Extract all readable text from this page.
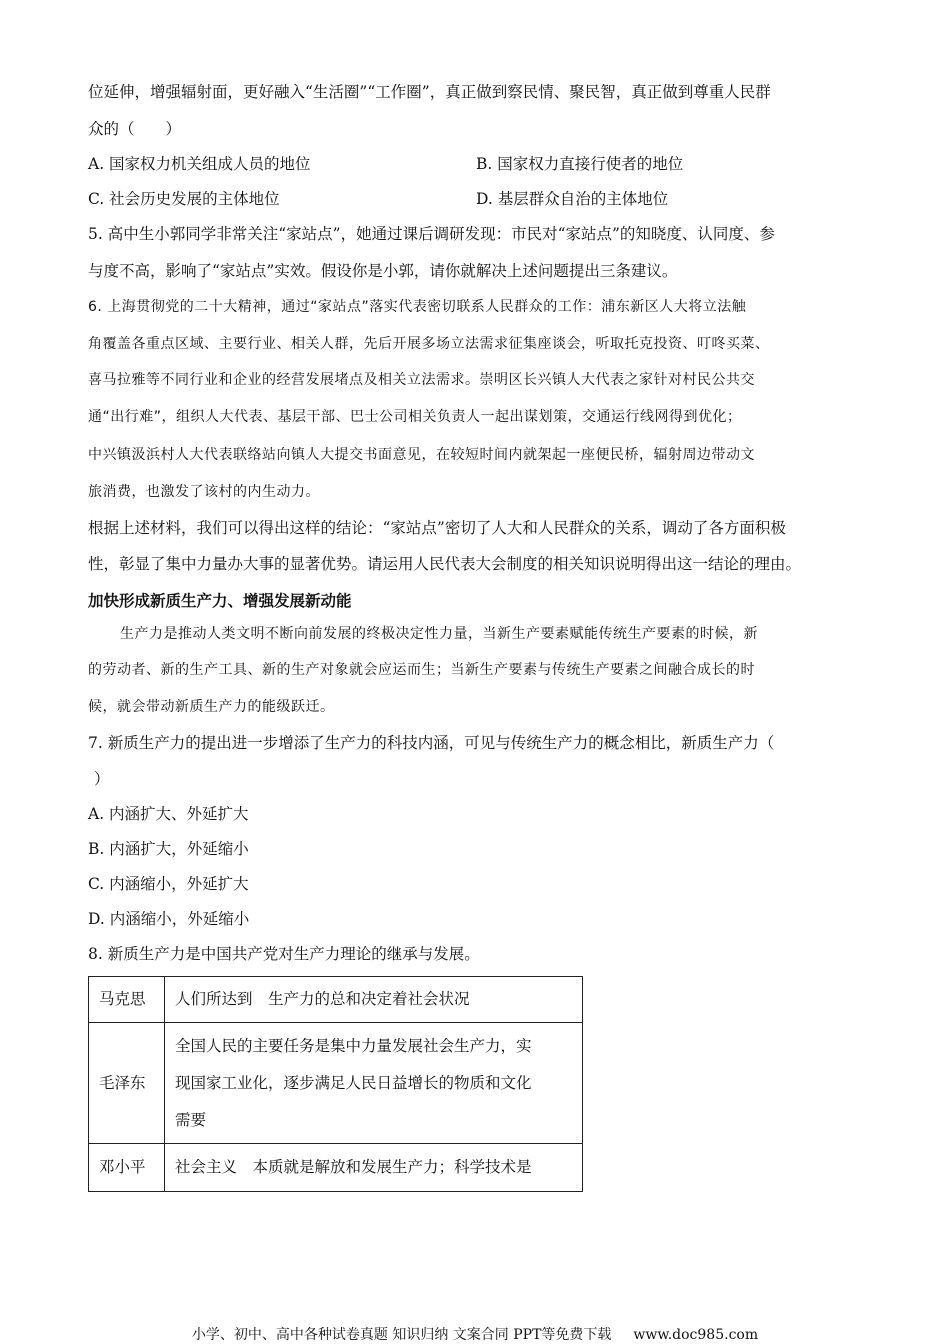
位延伸，增强辐射面，更好融入“生活圈”“工作圈”，真正做到察民情、聚民智，真正做到尊重人民群
众的（　　）
A. 国家权力机关组成人员的地位	B. 国家权力直接行使者的地位
C. 社会历史发展的主体地位	D. 基层群众自治的主体地位
5. 高中生小郭同学非常关注“家站点”，她通过课后调研发现：市民对“家站点”的知晓度、认同度、参
与度不高，影响了“家站点”实效。假设你是小郭，请你就解决上述问题提出三条建议。
6. 上海贯彻党的二十大精神，通过“家站点”落实代表密切联系人民群众的工作：浦东新区人大将立法触
角覆盖各重点区域、主要行业、相关人群，先后开展多场立法需求征集座谈会，听取托克投资、叮咚买菜、
喜马拉雅等不同行业和企业的经营发展堵点及相关立法需求。崇明区长兴镇人大代表之家针对村民公共交
通“出行难”，组织人大代表、基层干部、巴士公司相关负责人一起出谋划策，交通运行线网得到优化；
中兴镇汲浜村人大代表联络站向镇人大提交书面意见，在较短时间内就架起一座便民桥，辐射周边带动文
旅消费，也激发了该村的内生动力。
根据上述材料，我们可以得出这样的结论：“家站点”密切了人大和人民群众的关系，调动了各方面积极
性，彰显了集中力量办大事的显著优势。请运用人民代表大会制度的相关知识说明得出这一结论的理由。
加快形成新质生产力、增强发展新动能
生产力是推动人类文明不断向前发展的终极决定性力量，当新生产要素赋能传统生产要素的时候，新
的劳动者、新的生产工具、新的生产对象就会应运而生；当新生产要素与传统生产要素之间融合成长的时
候，就会带动新质生产力的能级跃迁。
7. 新质生产力的提出进一步增添了生产力的科技内涵，可见与传统生产力的概念相比，新质生产力（
）
A. 内涵扩大、外延扩大
B. 内涵扩大，外延缩小
C. 内涵缩小，外延扩大
D. 内涵缩小，外延缩小
8. 新质生产力是中国共产党对生产力理论的继承与发展。
马克思	人们所达到　生产力的总和决定着社会状况
毛泽东	全国人民的主要任务是集中力量发展社会生产力，实
现国家工业化，逐步满足人民日益增长的物质和文化
需要

邓小平	社会主义　本质就是解放和发展生产力；科学技术是
小学、初中、高中各种试卷真题 知识归纳 文案合同 PPT等免费下载 www.doc985.com
